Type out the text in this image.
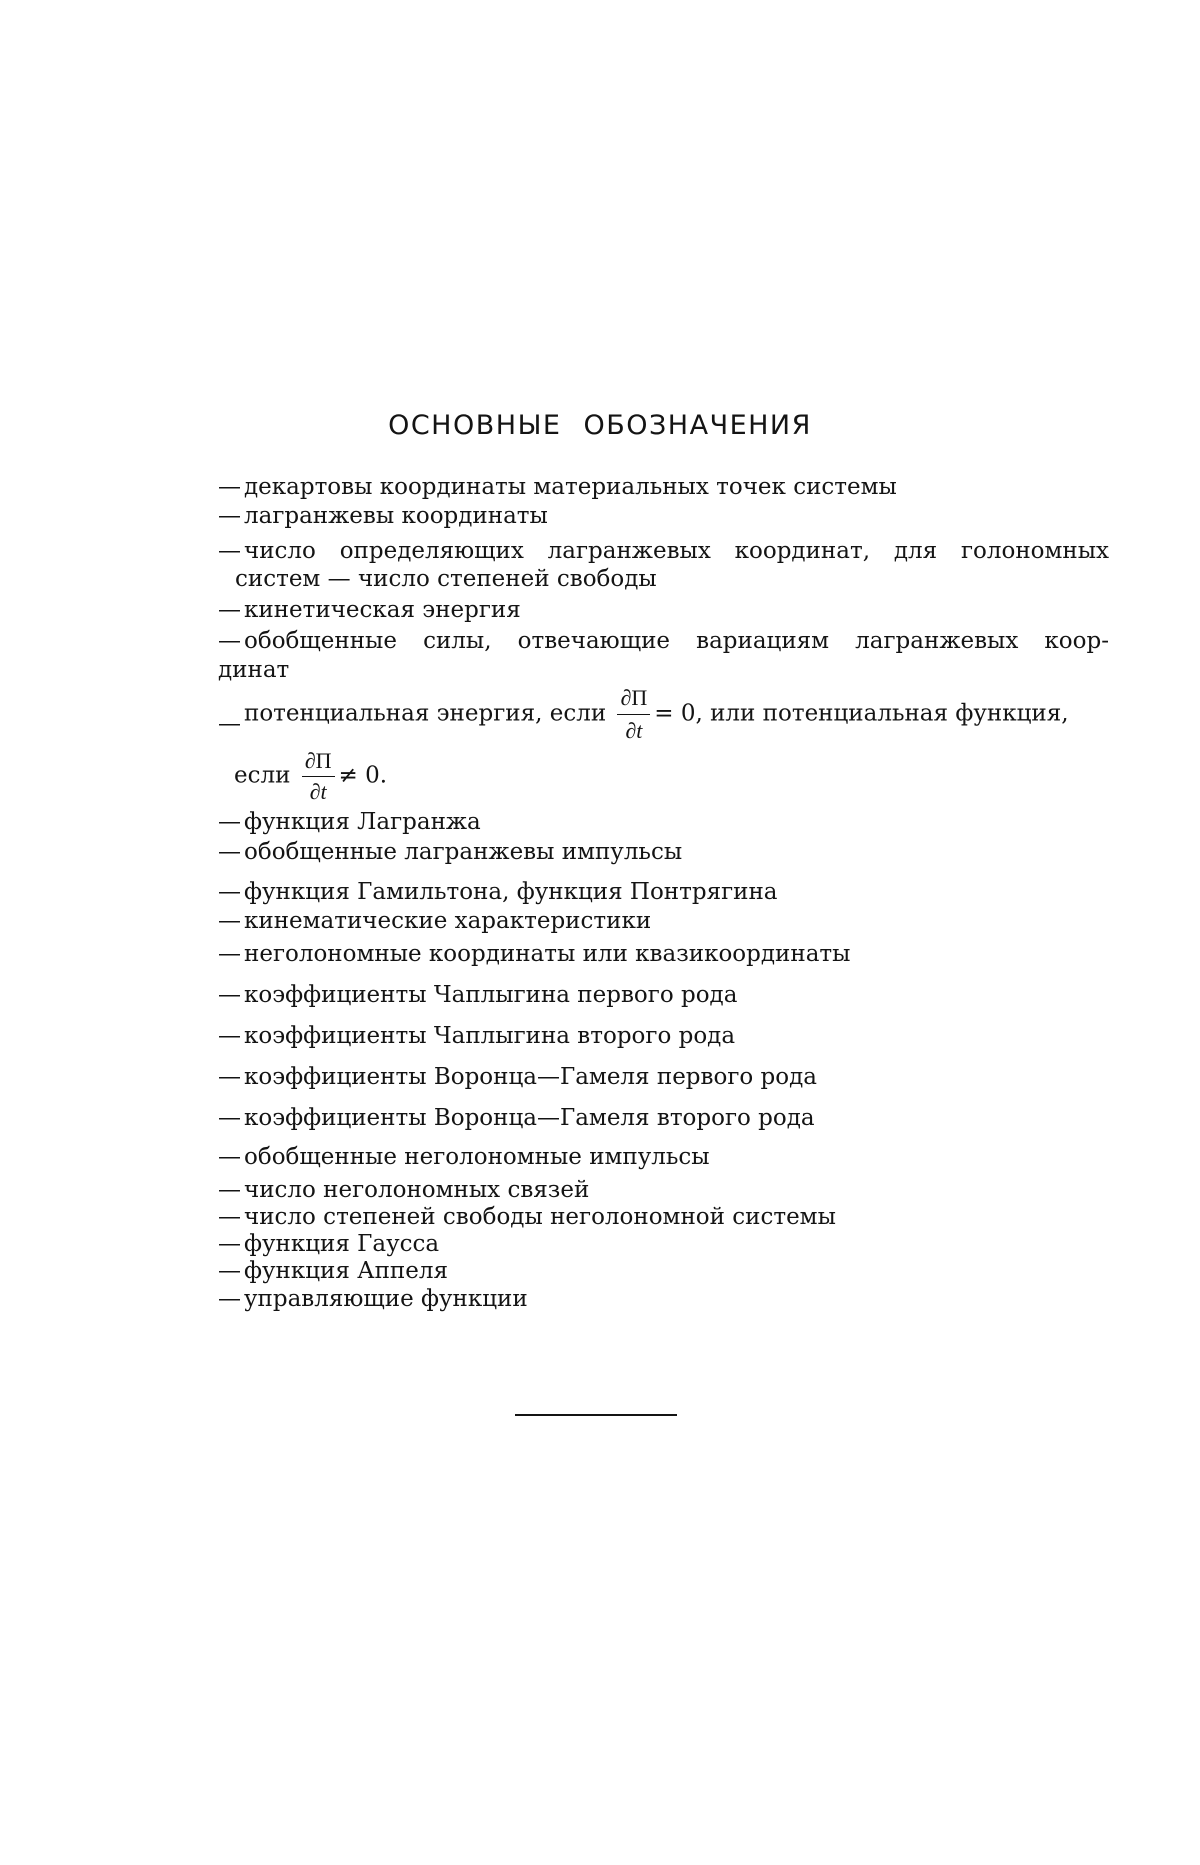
ОСНОВНЫЕ ОБОЗНАЧЕНИЯ
— декартовы координаты материальных точек системы
— лагранжевы координаты
— число определяющих лагранжевых координат, для голономных
систем — число степеней свободы
— кинетическая энергия
— обобщенные силы, отвечающие вариациям лагранжевых коор-
динат
— потенциальная энергия, если $\frac{\partial П}{\partial t} = 0$, или потенциальная функция,
если $\frac{\partial П}{\partial t} \ne 0$.
— функция Лагранжа
— обобщенные лагранжевы импульсы
— функция Гамильтона, функция Понтрягина
— кинематические характеристики
— неголономные координаты или квазикоординаты
— коэффициенты Чаплыгина первого рода
— коэффициенты Чаплыгина второго рода
— коэффициенты Воронца—Гамеля первого рода
— коэффициенты Воронца—Гамеля второго рода
— обобщенные неголономные импульсы
— число неголономных связей
— число степеней свободы неголономной системы
— функция Гаусса
— функция Аппеля
— управляющие функции
